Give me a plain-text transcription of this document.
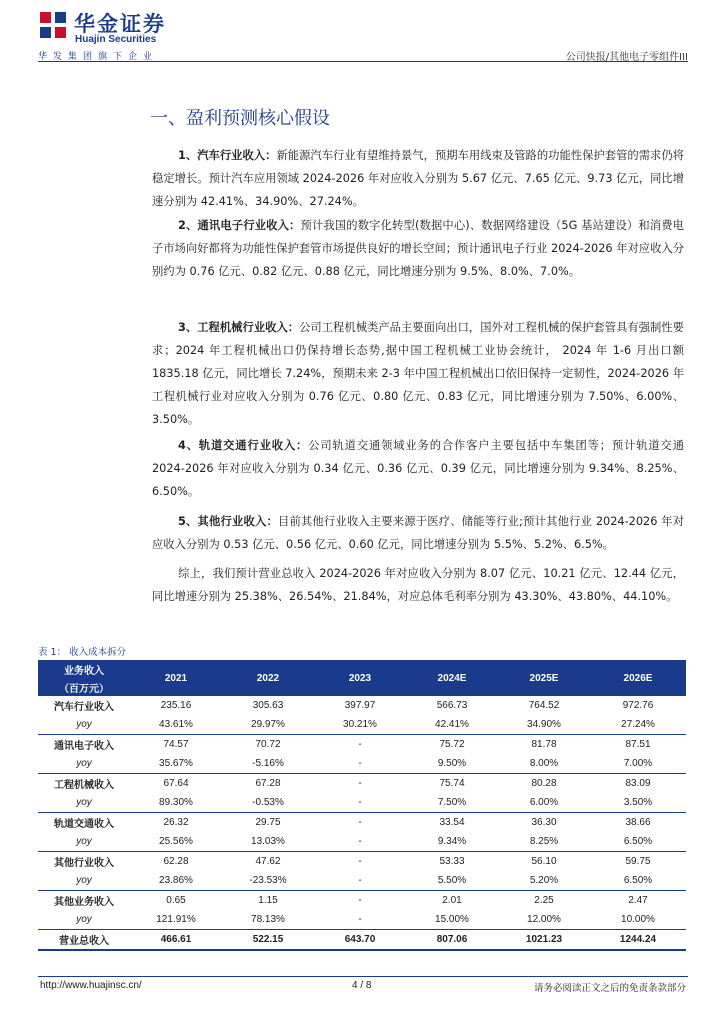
华金证券
Huajin Securities
华发集团旗下企业	公司快报/其他电子零组件III
一、盈利预测核心假设

1、汽车行业收入：新能源汽车行业有望维持景气，预期车用线束及管路的功能性保护套管的需求仍将稳定增长。预计汽车应用领域 2024-2026 年对应收入分别为 5.67 亿元、7.65 亿元、9.73 亿元，同比增速分别为 42.41%、34.90%、27.24%。

2、通讯电子行业收入：预计我国的数字化转型(数据中心)、数据网络建设（5G 基站建设）和消费电子市场向好都将为功能性保护套管市场提供良好的增长空间；预计通讯电子行业 2024-2026 年对应收入分别约为 0.76 亿元、0.82 亿元、0.88 亿元，同比增速分别为 9.5%、8.0%、7.0%。

3、工程机械行业收入：公司工程机械类产品主要面向出口，国外对工程机械的保护套管具有强制性要求；2024 年工程机械出口仍保持增长态势,据中国工程机械工业协会统计， 2024 年 1-6 月出口额 1835.18 亿元，同比增长 7.24%，预期未来 2-3 年中国工程机械出口依旧保持一定韧性，2024-2026 年工程机械行业对应收入分别为 0.76 亿元、0.80 亿元、0.83 亿元，同比增速分别为 7.50%、6.00%、3.50%。

4、轨道交通行业收入：公司轨道交通领域业务的合作客户主要包括中车集团等；预计轨道交通 2024-2026 年对应收入分别为 0.34 亿元、0.36 亿元、0.39 亿元，同比增速分别为 9.34%、8.25%、6.50%。

5、其他行业收入：目前其他行业收入主要来源于医疗、储能等行业;预计其他行业 2024-2026 年对应收入分别为 0.53 亿元、0.56 亿元、0.60 亿元，同比增速分别为 5.5%、5.2%、6.5%。

综上，我们预计营业总收入 2024-2026 年对应收入分别为 8.07 亿元、10.21 亿元、12.44 亿元，同比增速分别为 25.38%、26.54%、21.84%，对应总体毛利率分别为 43.30%、43.80%、44.10%。

表 1： 收入成本拆分
业务收入	2021	2022	2023	2024E	2025E	2026E
（百万元）						
汽车行业收入	235.16	305.63	397.97	566.73	764.52	972.76
yoy	43.61%	29.97%	30.21%	42.41%	34.90%	27.24%
通讯电子收入	74.57	70.72	-	75.72	81.78	87.51
yoy	35.67%	-5.16%	-	9.50%	8.00%	7.00%
工程机械收入	67.64	67.28	-	75.74	80.28	83.09
yoy	89.30%	-0.53%	-	7.50%	6.00%	3.50%
轨道交通收入	26.32	29.75	-	33.54	36.30	38.66
yoy	25.56%	13.03%	-	9.34%	8.25%	6.50%
其他行业收入	62.28	47.62	-	53.33	56.10	59.75
yoy	23.86%	-23.53%	-	5.50%	5.20%	6.50%
其他业务收入	0.65	1.15	-	2.01	2.25	2.47
yoy	121.91%	78.13%	-	15.00%	12.00%	10.00%
营业总收入	466.61	522.15	643.70	807.06	1021.23	1244.24
http://www.huajinsc.cn/	4 / 8	请务必阅读正文之后的免责条款部分
